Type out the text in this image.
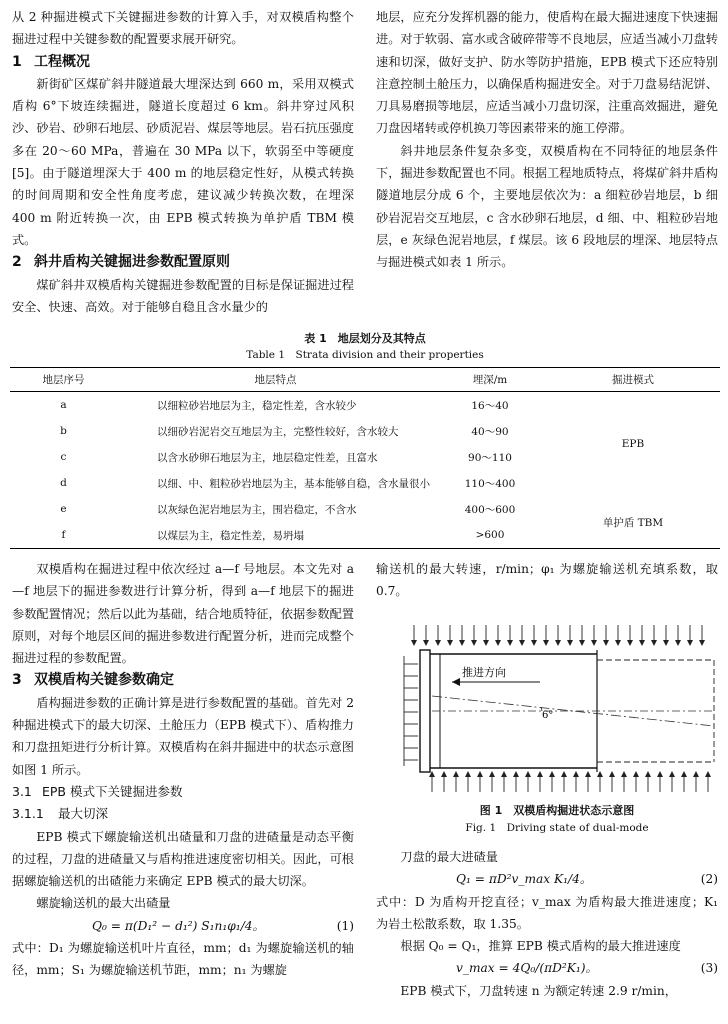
从 2 种掘进模式下关键掘进参数的计算入手，对双模盾构整个掘进过程中关键参数的配置要求展开研究。

1 工程概况

新街矿区煤矿斜井隧道最大埋深达到 660 m，采用双模式盾构 6°下坡连续掘进，隧道长度超过 6 km。斜井穿过风积沙、砂岩、砂卵石地层、砂质泥岩、煤层等地层。岩石抗压强度多在 20～60 MPa，普遍在 30 MPa 以下，软弱至中等硬度[5]。由于隧道埋深大于 400 m 的地层稳定性好，从模式转换的时间周期和安全性角度考虑，建议减少转换次数，在埋深 400 m 附近转换一次，由 EPB 模式转换为单护盾 TBM 模式。

2 斜井盾构关键掘进参数配置原则

煤矿斜井双模盾构关键掘进参数配置的目标是保证掘进过程安全、快速、高效。对于能够自稳且含水量少的

地层，应充分发挥机器的能力，使盾构在最大掘进速度下快速掘进。对于软弱、富水或含破碎带等不良地层，应适当减小刀盘转速和切深，做好支护、防水等防护措施，EPB 模式下还应特别注意控制土舱压力，以确保盾构掘进安全。对于刀盘易结泥饼、刀具易磨损等地层，应适当减小刀盘切深，注重高效掘进，避免刀盘因堵转或停机换刀等因素带来的施工停滞。

斜井地层条件复杂多变，双模盾构在不同特征的地层条件下，掘进参数配置也不同。根据工程地质特点，将煤矿斜井盾构隧道地层分成 6 个，主要地层依次为：a 细粒砂岩地层，b 细砂岩泥岩交互地层，c 含水砂卵石地层，d 细、中、粗粒砂岩地层，e 灰绿色泥岩地层，f 煤层。该 6 段地层的埋深、地层特点与掘进模式如表 1 所示。

表 1　地层划分及其特点
Table 1　Strata division and their properties
地层序号	地层特点	埋深/m	掘进模式
a	以细粒砂岩地层为主，稳定性差，含水较少	16～40	EPB
b	以细砂岩泥岩交互地层为主，完整性较好，含水较大	40～90	
c	以含水砂卵石地层为主，地层稳定性差，且富水	90～110	
d	以细、中、粗粒砂岩地层为主，基本能够自稳，含水量很小	110～400	
e	以灰绿色泥岩地层为主，围岩稳定，不含水	400～600	单护盾 TBM
f	以煤层为主，稳定性差，易坍塌	>600	

双模盾构在掘进过程中依次经过 a—f 号地层。本文先对 a—f 地层下的掘进参数进行计算分析，得到 a—f 地层下的掘进参数配置情况；然后以此为基础，结合地质特征，依据参数配置原则，对每个地层区间的掘进参数进行配置分析，进而完成整个掘进过程的参数配置。

3 双模盾构关键参数确定

盾构掘进参数的正确计算是进行参数配置的基础。首先对 2 种掘进模式下的最大切深、土舱压力（EPB 模式下）、盾构推力和刀盘扭矩进行分析计算。双模盾构在斜井掘进中的状态示意图如图 1 所示。

3.1 EPB 模式下关键掘进参数
3.1.1 最大切深

EPB 模式下螺旋输送机出碴量和刀盘的进碴量是动态平衡的过程，刀盘的进碴量又与盾构推进速度密切相关。因此，可根据螺旋输送机的出碴能力来确定 EPB 模式的最大切深。

螺旋输送机的最大出碴量

Q₀ = π(D₁² − d₁²) S₁n₁φ₁/4。	(1)

式中：D₁ 为螺旋输送机叶片直径，mm；d₁ 为螺旋输送机的轴径，mm；S₁ 为螺旋输送机节距，mm；n₁ 为螺旋

6°
推进方向
图 1　双模盾构掘进状态示意图
Fig. 1　Driving state of dual-mode

输送机的最大转速，r/min；φ₁ 为螺旋输送机充填系数，取 0.7。

刀盘的最大进碴量

Q₁ = πD²v_max K₁/4。	(2)

式中：D 为盾构开挖直径；v_max 为盾构最大推进速度；K₁ 为岩土松散系数，取 1.35。

根据 Q₀ = Q₁，推算 EPB 模式盾构的最大推进速度

v_max = 4Q₀/(πD²K₁)。	(3)

EPB 模式下，刀盘转速 n 为额定转速 2.9 r/min，
